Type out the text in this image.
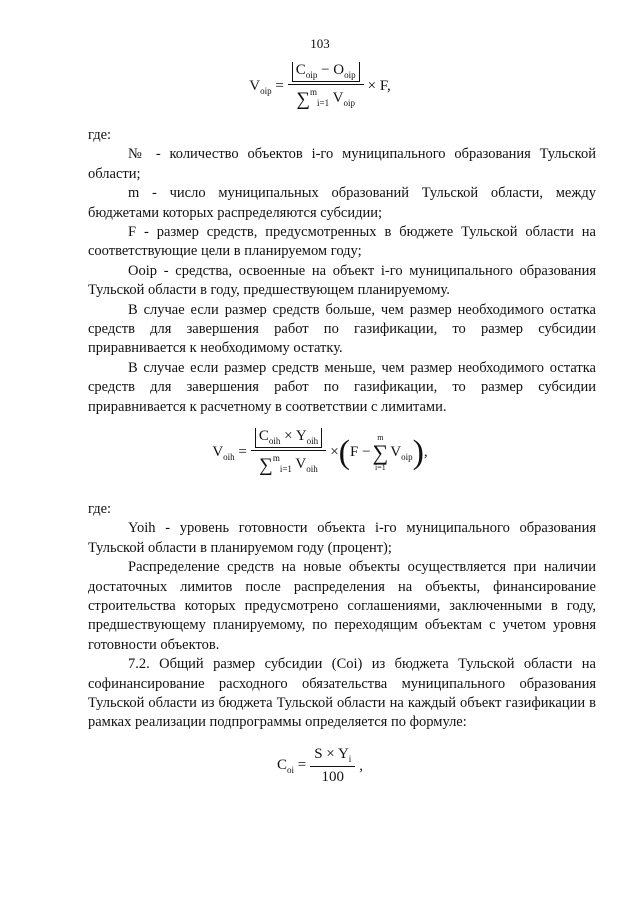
103
$V_{oip} = \frac{C_{oip} - O_{oip}}{\sum^m_{i=1} V_{oip}} \times F$,

где:

№ - количество объектов i-го муниципального образования Тульской области;

m - число муниципальных образований Тульской области, между бюджетами которых распределяются субсидии;

F - размер средств, предусмотренных в бюджете Тульской области на соответствующие цели в планируемом году;

Ooip - средства, освоенные на объект i-го муниципального образования Тульской области в году, предшествующем планируемому.

В случае если размер средств больше, чем размер необходимого остатка средств для завершения работ по газификации, то размер субсидии приравнивается к необходимому остатку.

В случае если размер средств меньше, чем размер необходимого остатка средств для завершения работ по газификации, то размер субсидии приравнивается к расчетному в соответствии с лимитами.

$V_{oih} = \frac{C_{oih} \times Y_{oih}}{\sum^m_{i=1} V_{oih}}$ × ( F −
m
∑
i=1
$V_{oip}$ ) ,

где:

Yoih - уровень готовности объекта i-го муниципального образования Тульской области в планируемом году (процент);

Распределение средств на новые объекты осуществляется при наличии достаточных лимитов после распределения на объекты, финансирование строительства которых предусмотрено соглашениями, заключенными в году, предшествующему планируемому, по переходящим объектам с учетом уровня готовности объектов.

7.2. Общий размер субсидии (Coi) из бюджета Тульской области на софинансирование расходного обязательства муниципального образования Тульской области из бюджета Тульской области на каждый объект газификации в рамках реализации подпрограммы определяется по формуле:

$C_{oi} = \frac{S \times Y_i}{100}$ ,
